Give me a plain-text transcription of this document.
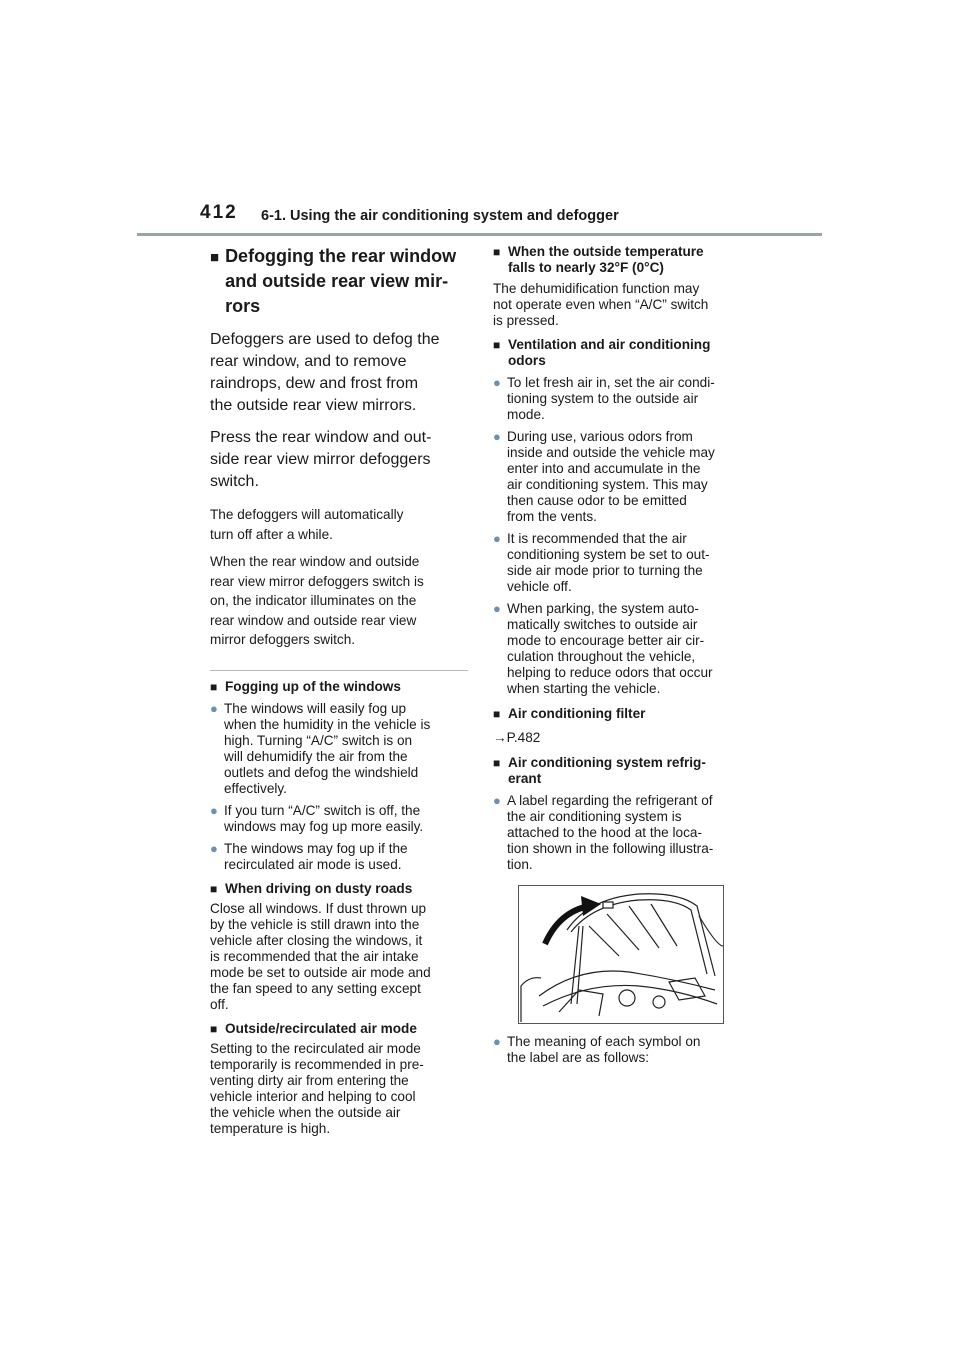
412 6-1. Using the air conditioning system and defogger
■ Defogging the rear window
and outside rear view mir-
rors
Defoggers are used to defog the
rear window, and to remove
raindrops, dew and frost from
the outside rear view mirrors.
Press the rear window and out-
side rear view mirror defoggers
switch.
The defoggers will automatically
turn off after a while.
When the rear window and outside
rear view mirror defoggers switch is
on, the indicator illuminates on the
rear window and outside rear view
mirror defoggers switch.
■ Fogging up of the windows
● The windows will easily fog up
when the humidity in the vehicle is
high. Turning “A/C” switch is on
will dehumidify the air from the
outlets and defog the windshield
effectively.
● If you turn “A/C” switch is off, the
windows may fog up more easily.
● The windows may fog up if the
recirculated air mode is used.
■ When driving on dusty roads
Close all windows. If dust thrown up
by the vehicle is still drawn into the
vehicle after closing the windows, it
is recommended that the air intake
mode be set to outside air mode and
the fan speed to any setting except
off.
■ Outside/recirculated air mode
Setting to the recirculated air mode
temporarily is recommended in pre-
venting dirty air from entering the
vehicle interior and helping to cool
the vehicle when the outside air
temperature is high.
■ When the outside temperature
falls to nearly 32°F (0°C)
The dehumidification function may
not operate even when “A/C” switch
is pressed.
■ Ventilation and air conditioning
odors
● To let fresh air in, set the air condi-
tioning system to the outside air
mode.
● During use, various odors from
inside and outside the vehicle may
enter into and accumulate in the
air conditioning system. This may
then cause odor to be emitted
from the vents.
● It is recommended that the air
conditioning system be set to out-
side air mode prior to turning the
vehicle off.
● When parking, the system auto-
matically switches to outside air
mode to encourage better air cir-
culation throughout the vehicle,
helping to reduce odors that occur
when starting the vehicle.
■ Air conditioning filter
→P.482
■ Air conditioning system refrig-
erant
● A label regarding the refrigerant of
the air conditioning system is
attached to the hood at the loca-
tion shown in the following illustra-
tion.
● The meaning of each symbol on
the label are as follows:
